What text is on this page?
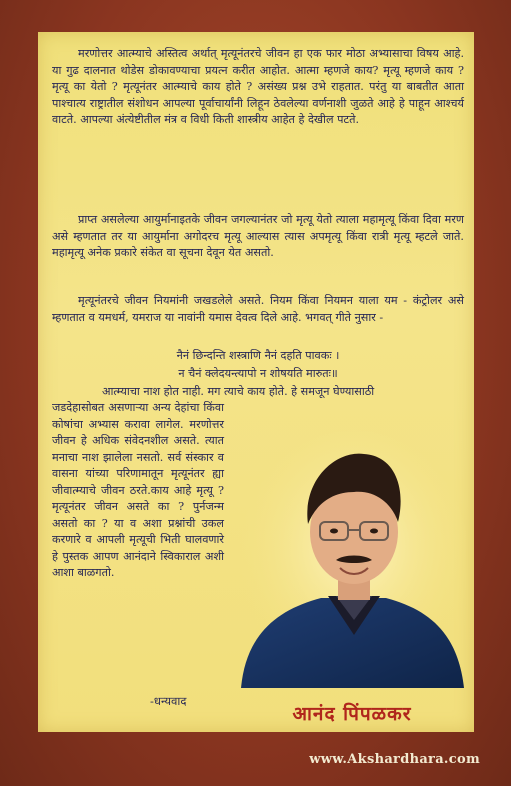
मरणोत्तर आत्म्याचे अस्तित्व अर्थात् मृत्यूनंतरचे जीवन हा एक फार मोठा अभ्यासाचा विषय आहे. या गुढ दालनात थोडेस डोकावण्याचा प्रयत्न करीत आहोत. आत्मा म्हणजे काय? मृत्यू म्हणजे काय ? मृत्यू का येतो ? मृत्यूनंतर आत्म्याचे काय होते ? असंख्य प्रश्न उभे राहतात. परंतु या बाबतीत आता पाश्चात्य राष्ट्रातील संशोधन आपल्या पूर्वाचार्यांनी लिहून ठेवलेल्या वर्णनाशी जुळते आहे हे पाहून आश्चर्य वाटते. आपल्या अंत्येष्टीतील मंत्र व विधी किती शास्त्रीय आहेत हे देखील पटते.

प्राप्त असलेल्या आयुर्मानाइतके जीवन जगल्यानंतर जो मृत्यू येतो त्याला महामृत्यू किंवा दिवा मरण असे म्हणतात तर या आयुर्माना अगोदरच मृत्यू आल्यास त्यास अपमृत्यू किंवा रात्री मृत्यू म्हटले जाते. महामृत्यू अनेक प्रकारे संकेत वा सूचना देवून येत असतो.

मृत्यूनंतरचे जीवन नियमांनी जखडलेले असते. नियम किंवा नियमन याला यम - कंट्रोलर असे म्हणतात व यमधर्म, यमराज या नावांनी यमास देवत्व दिले आहे. भगवत् गीते नुसार -

नैनं छिन्दन्ति शस्त्राणि नैनं दहति पावकः ।

न चैनं क्लेदयन्त्यापो न शोषयति मारुतः॥

आत्म्याचा नाश होत नाही. मग त्याचे काय होते. हे समजून घेण्यासाठी

जडदेहासोबत असणाऱ्या अन्य देहांचा किंवा कोषांचा अभ्यास करावा लागेल. मरणोत्तर जीवन हे अधिक संवेदनशील असते. त्यात मनाचा नाश झालेला नसतो. सर्व संस्कार व वासना यांच्या परिणामातून मृत्यूनंतर ह्या जीवात्म्याचे जीवन ठरते.काय आहे मृत्यू ? मृत्यूनंतर जीवन असते का ? पुर्नजन्म असतो का ? या व अशा प्रश्नांची उकल करणारे व आपली मृत्यूची भिती घालवणारे हे पुस्तक आपण आनंदाने स्विकाराल अशी आशा बाळगतो.

-धन्यवाद
आनंद पिंपळकर
www.Akshardhara.com
